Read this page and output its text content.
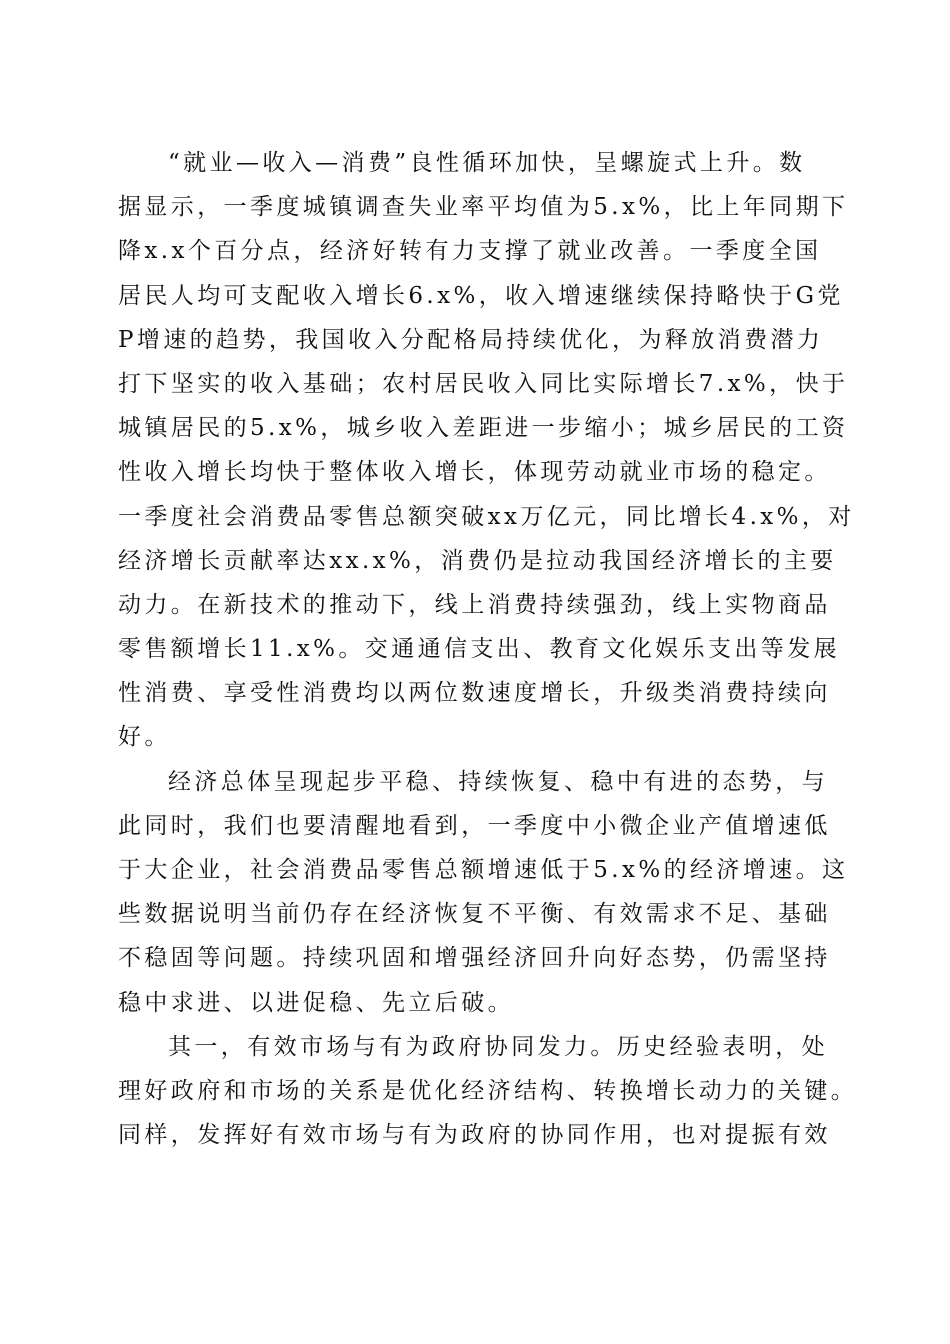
“就业—收入—消费”良性循环加快，呈螺旋式上升。数
据显示，一季度城镇调查失业率平均值为5.x%，比上年同期下
降x.x个百分点，经济好转有力支撑了就业改善。一季度全国
居民人均可支配收入增长6.x%，收入增速继续保持略快于G党
P增速的趋势，我国收入分配格局持续优化，为释放消费潜力
打下坚实的收入基础；农村居民收入同比实际增长7.x%，快于
城镇居民的5.x%，城乡收入差距进一步缩小；城乡居民的工资
性收入增长均快于整体收入增长，体现劳动就业市场的稳定。
一季度社会消费品零售总额突破xx万亿元，同比增长4.x%，对
经济增长贡献率达xx.x%，消费仍是拉动我国经济增长的主要
动力。在新技术的推动下，线上消费持续强劲，线上实物商品
零售额增长11.x%。交通通信支出、教育文化娱乐支出等发展
性消费、享受性消费均以两位数速度增长，升级类消费持续向
好。
经济总体呈现起步平稳、持续恢复、稳中有进的态势，与
此同时，我们也要清醒地看到，一季度中小微企业产值增速低
于大企业，社会消费品零售总额增速低于5.x%的经济增速。这
些数据说明当前仍存在经济恢复不平衡、有效需求不足、基础
不稳固等问题。持续巩固和增强经济回升向好态势，仍需坚持
稳中求进、以进促稳、先立后破。
其一，有效市场与有为政府协同发力。历史经验表明，处
理好政府和市场的关系是优化经济结构、转换增长动力的关键。
同样，发挥好有效市场与有为政府的协同作用，也对提振有效
